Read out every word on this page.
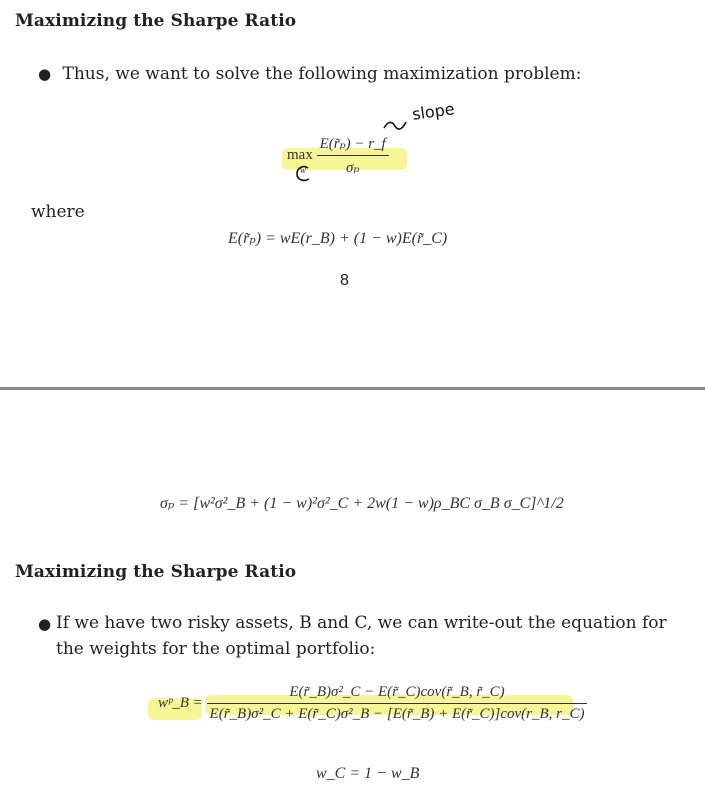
Maximizing the Sharpe Ratio
● Thus, we want to solve the following maximization problem:
$\max \frac{\text{E(r̃ₚ) − r\_f}}{\text{σₚ}}$
slope
w
where
E(r̃ₚ) = wE(r_B) + (1 − w)E(r̃_C)
8
σₚ = [w²σ²_B + (1 − w)²σ²_C + 2w(1 − w)ρ_BC σ_B σ_C]^1/2
Maximizing the Sharpe Ratio
● If we have two risky assets, B and C, we can write-out the equation for the weights for the optimal portfolio:
wᵖ_B = $\frac{\text{E(r̃\_B)σ²\_C − E(r̃\_C)cov(r̃\_B, r̃\_C)}}{\text{E(r̃\_B)σ²\_C + E(r̃\_C)σ²\_B − [E(r̃\_B) + E(r̃\_C)]cov(r\_B, r\_C)}}$
w_C = 1 − w_B
